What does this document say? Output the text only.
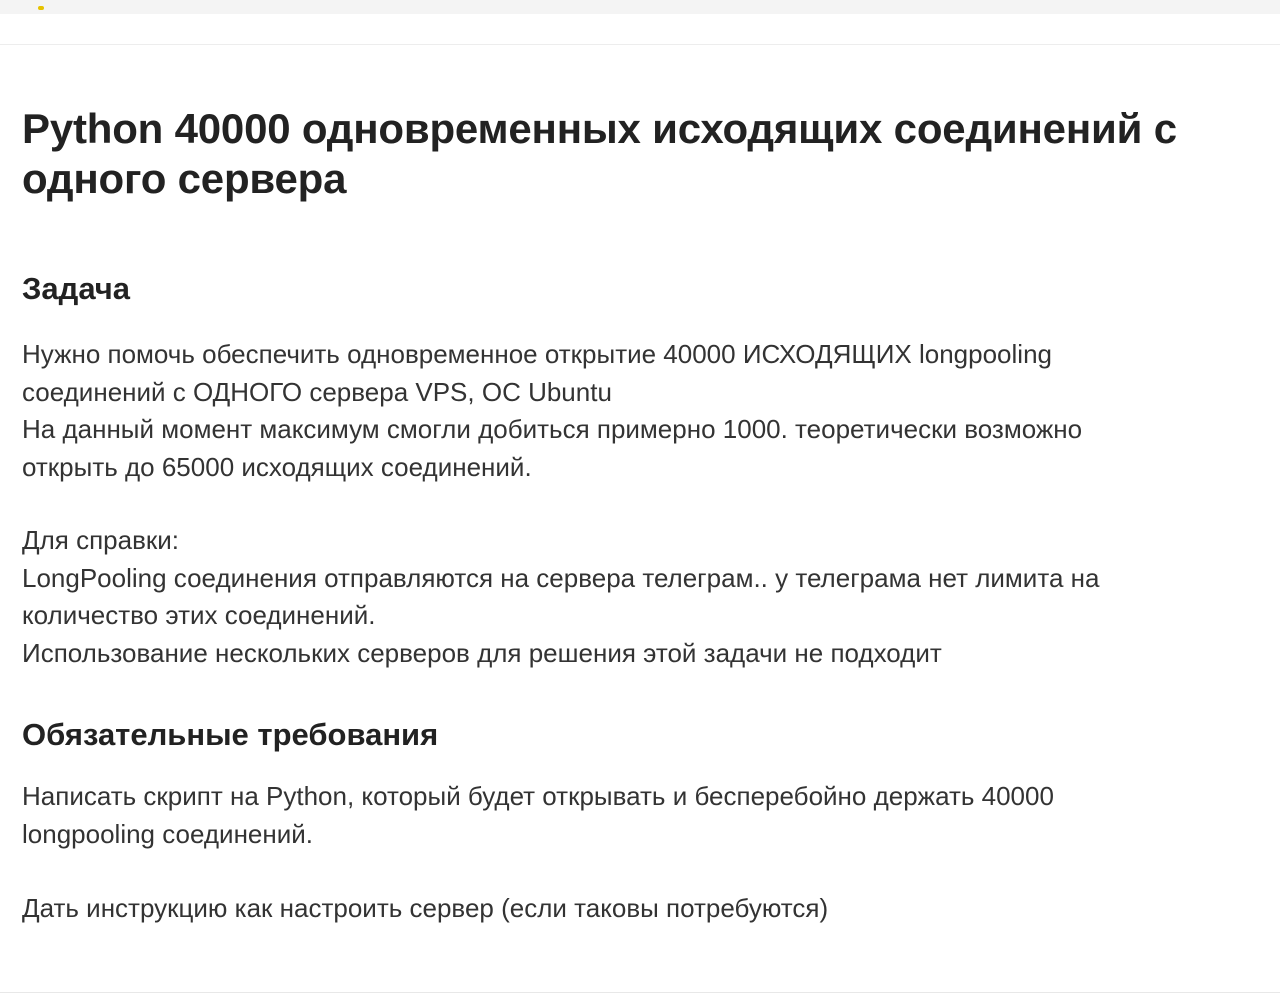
Python 40000 одновременных исходящих соединений с
одного сервера
Задача
Нужно помочь обеспечить одновременное открытие 40000 ИСХОДЯЩИХ longpooling
соединений с ОДНОГО сервера VPS, ОС Ubuntu
На данный момент максимум смогли добиться примерно 1000. теоретически возможно
открыть до 65000 исходящих соединений.
Для справки:
LongPooling соединения отправляются на сервера телеграм.. у телеграма нет лимита на
количество этих соединений.
Использование нескольких серверов для решения этой задачи не подходит
Обязательные требования
Написать скрипт на Python, который будет открывать и бесперебойно держать 40000
longpooling соединений.
Дать инструкцию как настроить сервер (если таковы потребуются)
